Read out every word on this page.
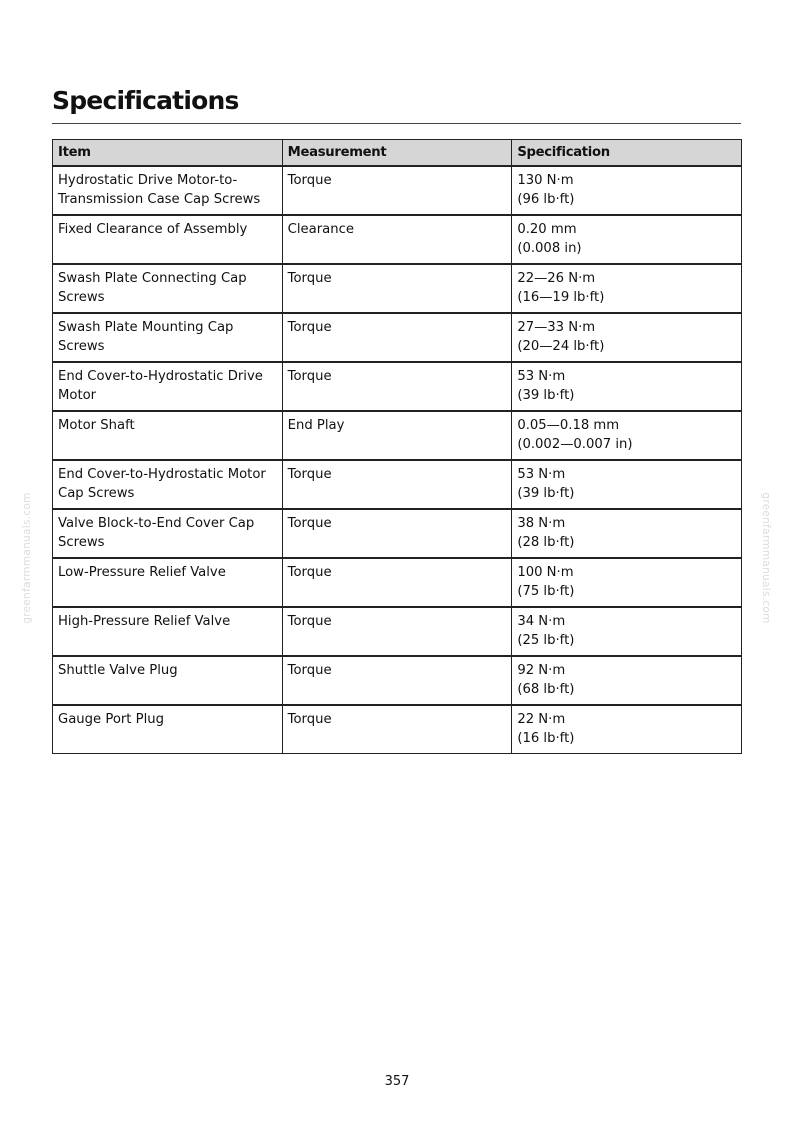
Specifications
Item	Measurement	Specification
Hydrostatic Drive Motor-to-Transmission Case Cap Screws	Torque	130 N·m
(96 lb·ft)

Fixed Clearance of Assembly	Clearance	0.20 mm
(0.008 in)

Swash Plate Connecting Cap Screws	Torque	22—26 N·m
(16—19 lb·ft)

Swash Plate Mounting Cap Screws	Torque	27—33 N·m
(20—24 lb·ft)

End Cover-to-Hydrostatic Drive Motor	Torque	53 N·m
(39 lb·ft)

Motor Shaft	End Play	0.05—0.18 mm
(0.002—0.007 in)

End Cover-to-Hydrostatic Motor Cap Screws	Torque	53 N·m
(39 lb·ft)

Valve Block-to-End Cover Cap Screws	Torque	38 N·m
(28 lb·ft)

Low-Pressure Relief Valve	Torque	100 N·m
(75 lb·ft)

High-Pressure Relief Valve	Torque	34 N·m
(25 lb·ft)

Shuttle Valve Plug	Torque	92 N·m
(68 lb·ft)

Gauge Port Plug	Torque	22 N·m
(16 lb·ft)
greenfarmmanuals.com	greenfarmmanuals.com
357
